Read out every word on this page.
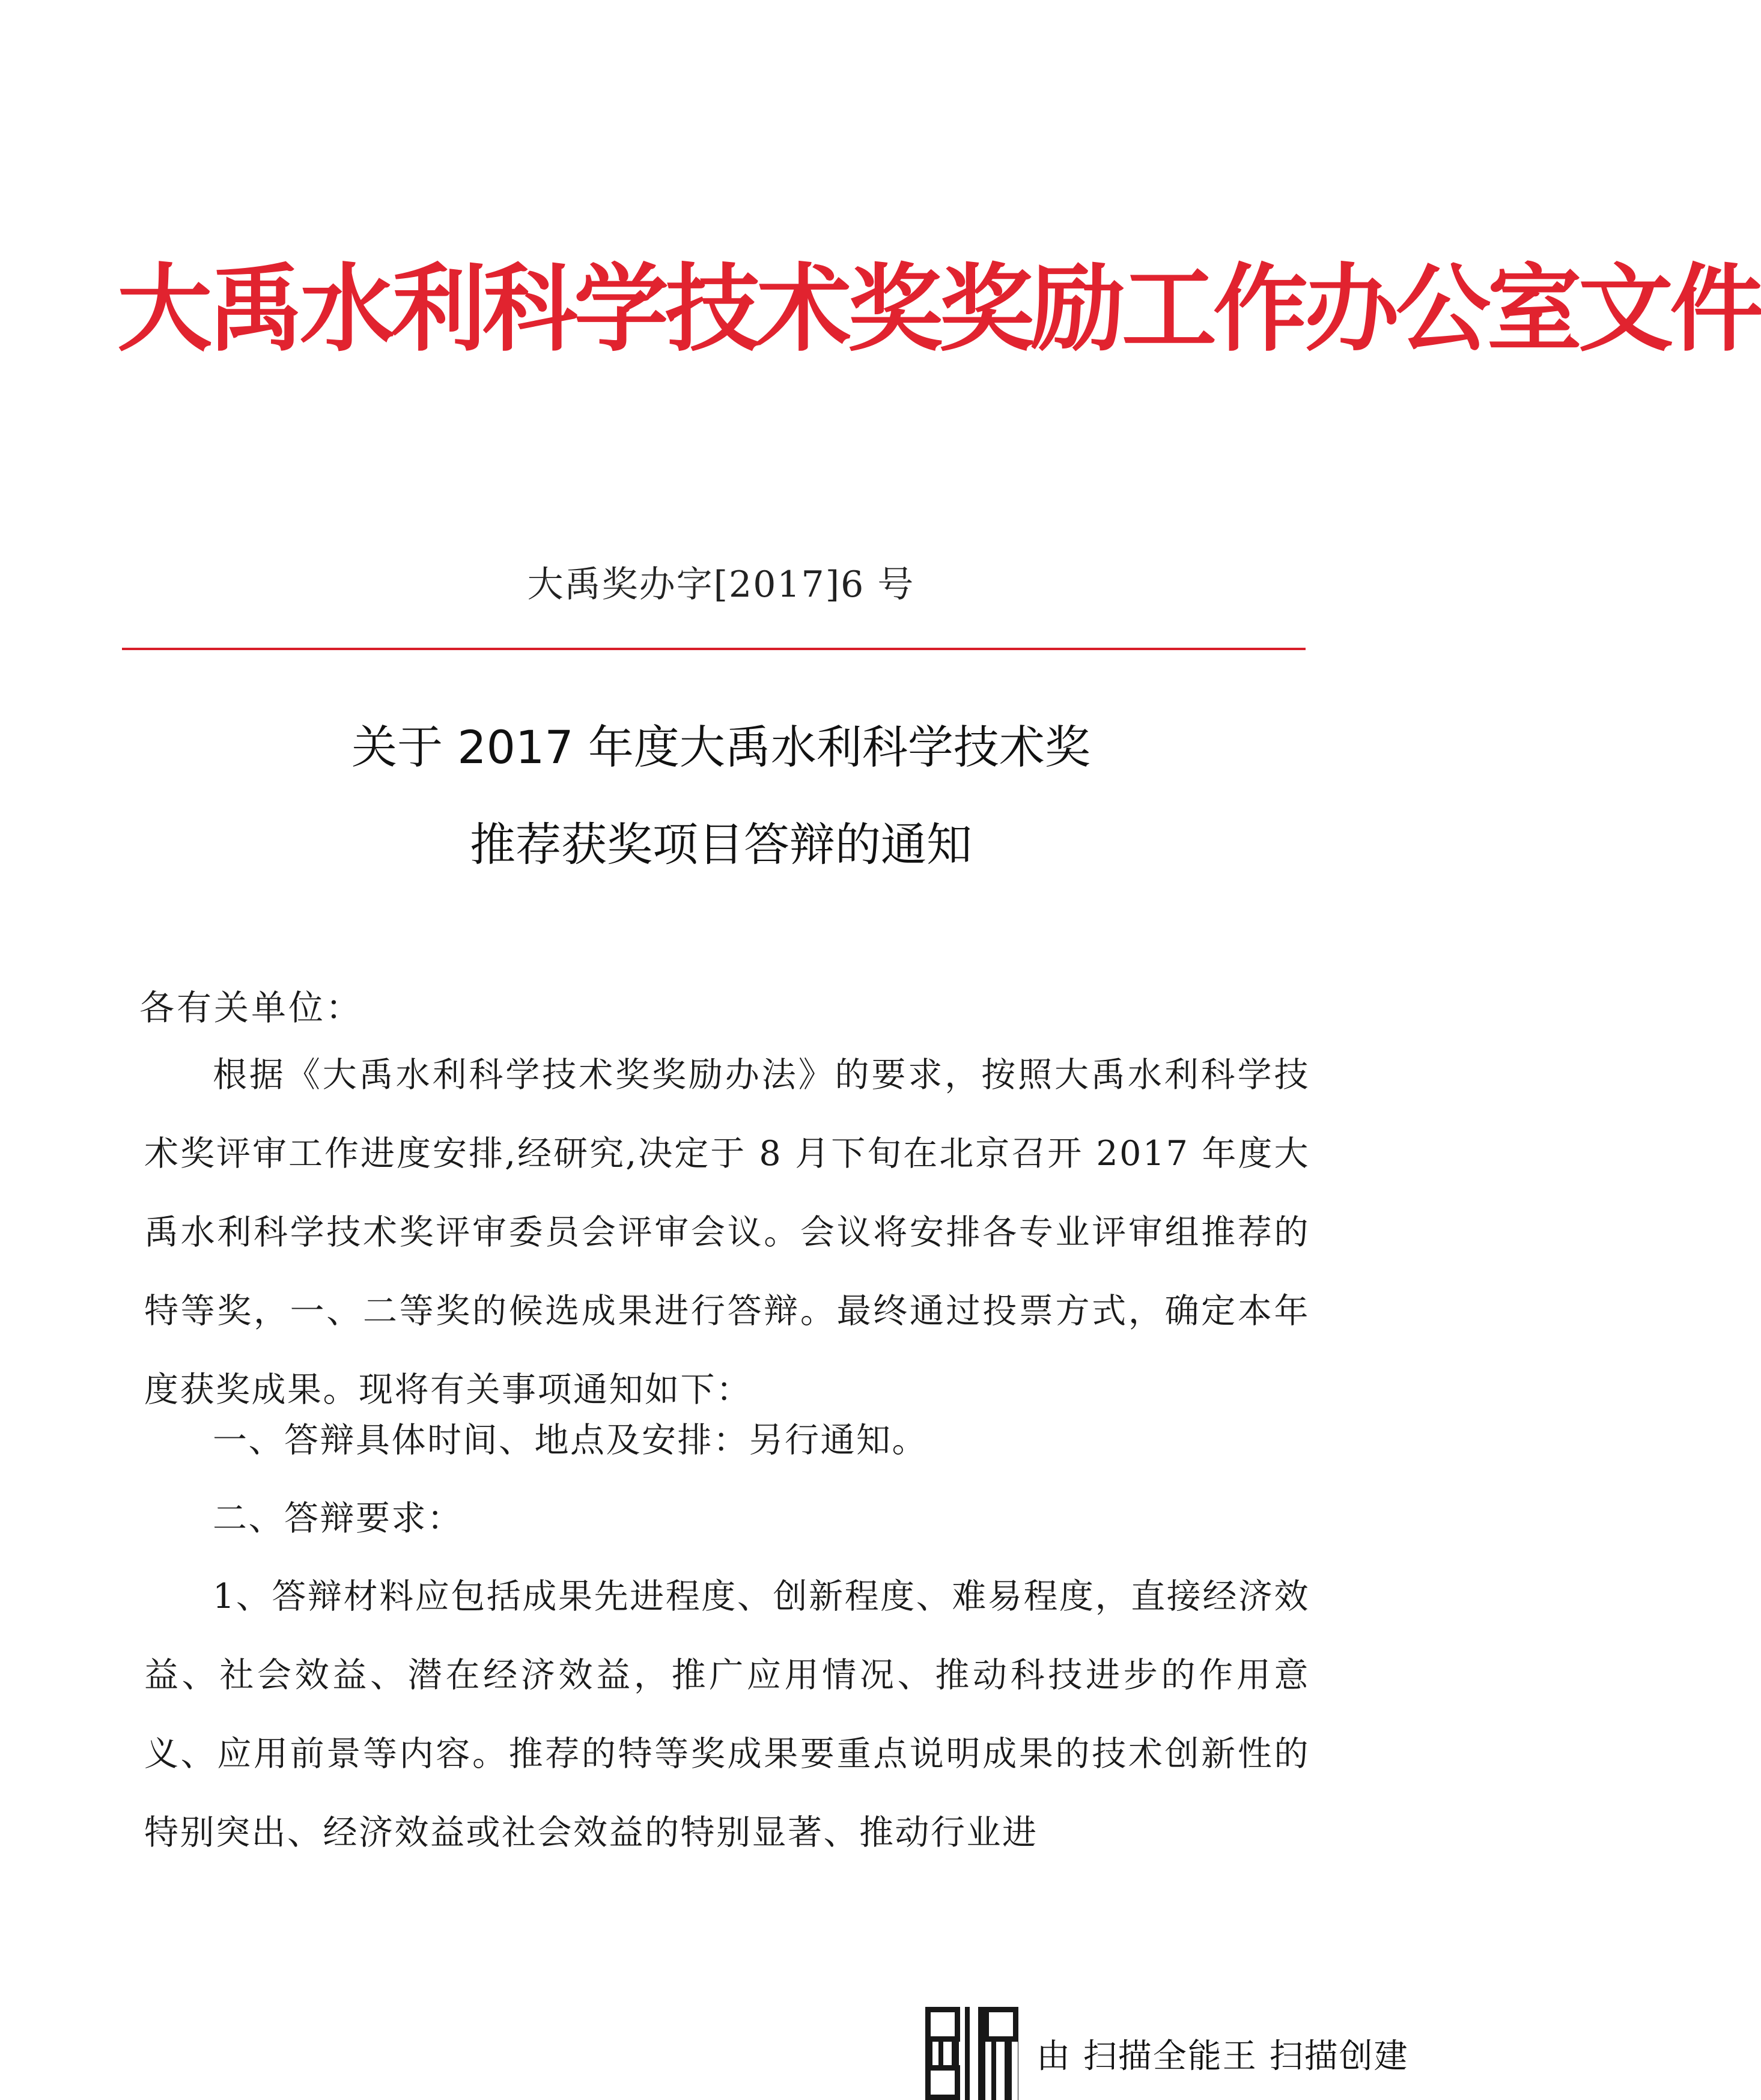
大禹水利科学技术奖奖励工作办公室文件
大禹奖办字[2017]6 号
关于 2017 年度大禹水利科学技术奖
推荐获奖项目答辩的通知
各有关单位：
根据《大禹水利科学技术奖奖励办法》的要求，按照大禹水利科学技术奖评审工作进度安排,经研究,决定于 8 月下旬在北京召开 2017 年度大禹水利科学技术奖评审委员会评审会议。会议将安排各专业评审组推荐的特等奖，一、二等奖的候选成果进行答辩。最终通过投票方式，确定本年度获奖成果。现将有关事项通知如下：
一、答辩具体时间、地点及安排：另行通知。
二、答辩要求：
1、答辩材料应包括成果先进程度、创新程度、难易程度，直接经济效益、社会效益、潜在经济效益，推广应用情况、推动科技进步的作用意义、应用前景等内容。推荐的特等奖成果要重点说明成果的技术创新性的特别突出、经济效益或社会效益的特别显著、推动行业进
由 扫描全能王 扫描创建
